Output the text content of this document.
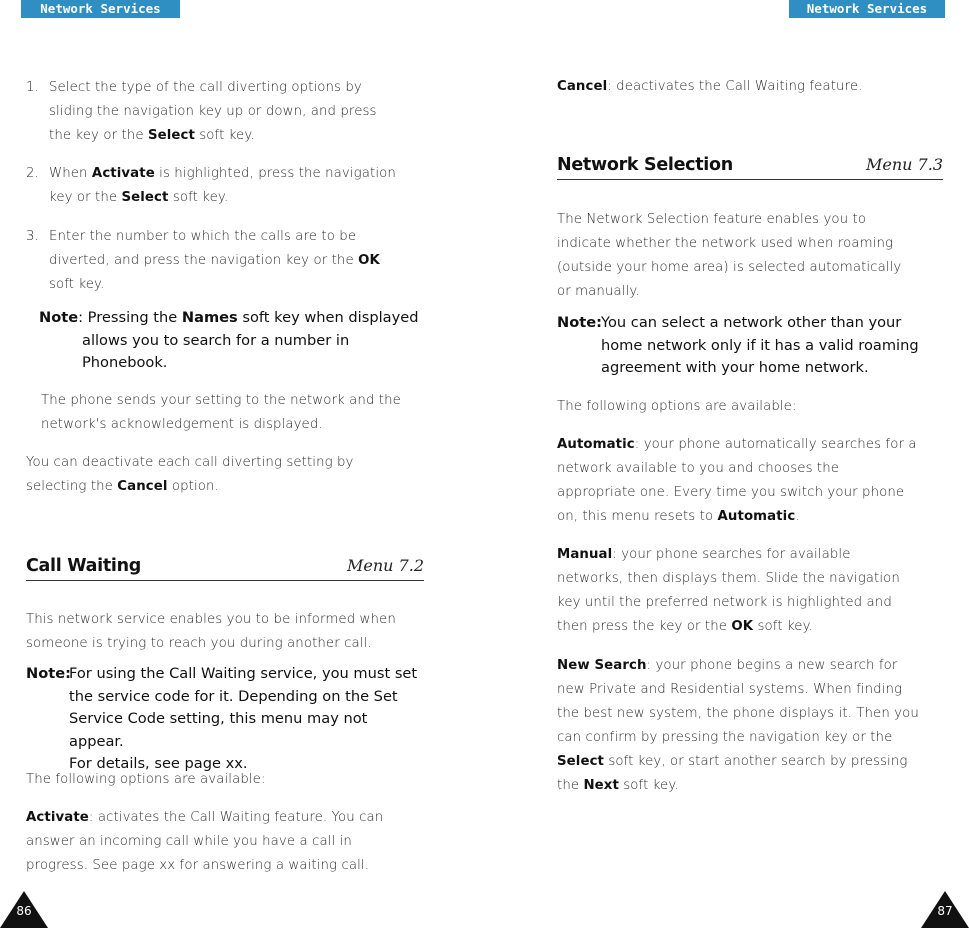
Network Services	Network Services
1. Select the type of the call diverting options by
sliding the navigation key up or down, and press
the key or the Select soft key.
2. When Activate is highlighted, press the navigation
key or the Select soft key.
3. Enter the number to which the calls are to be
diverted, and press the navigation key or the OK
soft key.
Note: Pressing the Names soft key when displayed
allows you to search for a number in
Phonebook.
The phone sends your setting to the network and the
network's acknowledgement is displayed.
You can deactivate each call diverting setting by
selecting the Cancel option.
Call Waiting	Menu 7.2
This network service enables you to be informed when
someone is trying to reach you during another call.
Note:
For using the Call Waiting service, you must set
the service code for it. Depending on the Set
Service Code setting, this menu may not appear.
For details, see page xx.
The following options are available:
Activate: activates the Call Waiting feature. You can
answer an incoming call while you have a call in
progress. See page xx for answering a waiting call.
Cancel: deactivates the Call Waiting feature.
Network Selection	Menu 7.3
The Network Selection feature enables you to
indicate whether the network used when roaming
(outside your home area) is selected automatically
or manually.
Note: You can select a network other than your
home network only if it has a valid roaming
agreement with your home network.
The following options are available:
Automatic: your phone automatically searches for a
network available to you and chooses the
appropriate one. Every time you switch your phone
on, this menu resets to Automatic.
Manual: your phone searches for available
networks, then displays them. Slide the navigation
key until the preferred network is highlighted and
then press the key or the OK soft key.
New Search: your phone begins a new search for
new Private and Residential systems. When finding
the best new system, the phone displays it. Then you
can confirm by pressing the navigation key or the
Select soft key, or start another search by pressing
the Next soft key.
86	87
